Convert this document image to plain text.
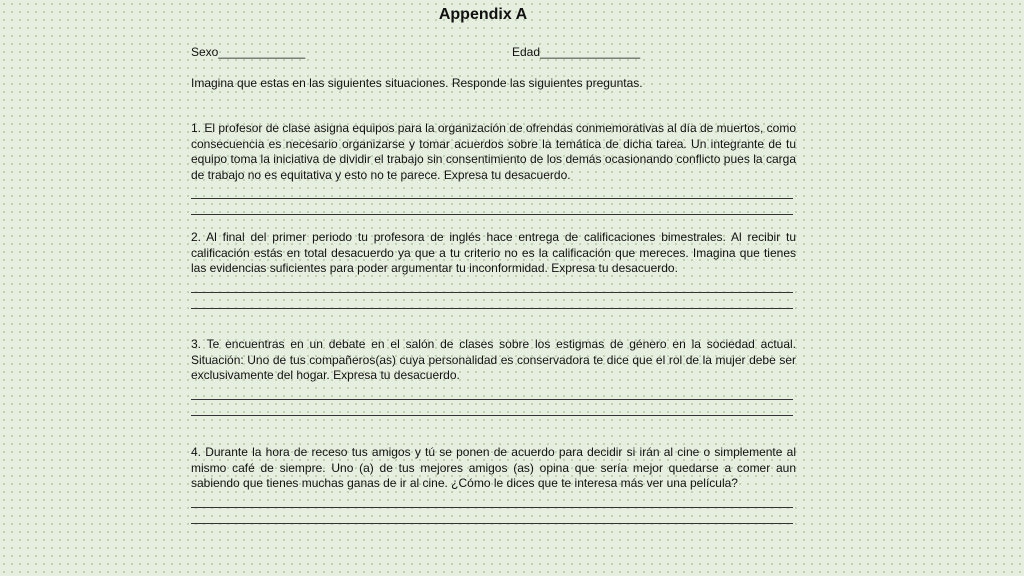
Appendix A
Sexo_____________	Edad_______________
Imagina que estas en las siguientes situaciones. Responde las siguientes preguntas.
1. El profesor de clase asigna equipos para la organización de ofrendas conmemorativas al día de muertos, como consecuencia es necesario organizarse y tomar acuerdos sobre la temática de dicha tarea. Un integrante de tu equipo toma la iniciativa de dividir el trabajo sin consentimiento de los demás ocasionando conflicto pues la carga de trabajo no es equitativa y esto no te parece. Expresa tu desacuerdo.
2. Al final del primer periodo tu profesora de inglés hace entrega de calificaciones bimestrales. Al recibir tu calificación estás en total desacuerdo ya que a tu criterio no es la calificación que mereces. Imagina que tienes las evidencias suficientes para poder argumentar tu inconformidad. Expresa tu desacuerdo.
3. Te encuentras en un debate en el salón de clases sobre los estigmas de género en la sociedad actual. Situación: Uno de tus compañeros(as) cuya personalidad es conservadora te dice que el rol de la mujer debe ser exclusivamente del hogar. Expresa tu desacuerdo.
4. Durante la hora de receso tus amigos y tú se ponen de acuerdo para decidir si irán al cine o simplemente al mismo café de siempre. Uno (a) de tus mejores amigos (as) opina que sería mejor quedarse a comer aun sabiendo que tienes muchas ganas de ir al cine. ¿Cómo le dices que te interesa más ver una película?
